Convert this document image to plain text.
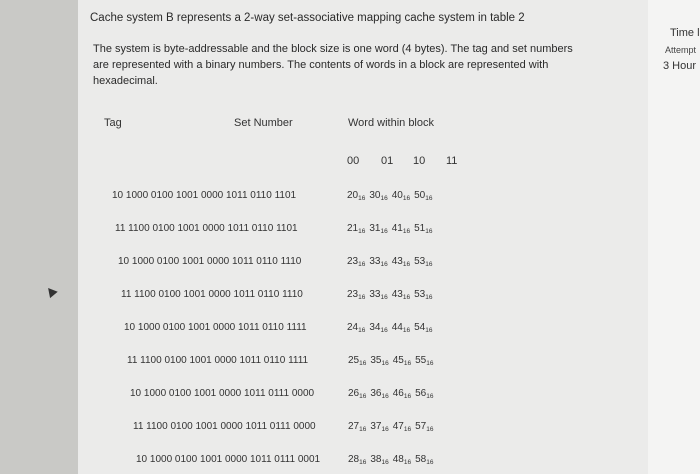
Time l
Attempt
3 Hour
Cache system B represents a 2-way set-associative mapping cache system in table 2
The system is byte-addressable and the block size is one word (4 bytes). The tag and set numbers
are represented with a binary numbers. The contents of words in a block are represented with
hexadecimal.
Tag	Set Number	Word within block
00 01 10 11
10 1000 0100 1001 0000 1011 0110 1101	$20_{16}$ $30_{16}$ $40_{16}$ $50_{16}$
11 1100 0100 1001 0000 1011 0110 1101	$21_{16}$ $31_{16}$ $41_{16}$ $51_{16}$
10 1000 0100 1001 0000 1011 0110 1110	$23_{16}$ $33_{16}$ $43_{16}$ $53_{16}$
11 1100 0100 1001 0000 1011 0110 1110	$23_{16}$ $33_{16}$ $43_{16}$ $53_{16}$
10 1000 0100 1001 0000 1011 0110 1111	$24_{16}$ $34_{16}$ $44_{16}$ $54_{16}$
11 1100 0100 1001 0000 1011 0110 1111	$25_{16}$ $35_{16}$ $45_{16}$ $55_{16}$
10 1000 0100 1001 0000 1011 0111 0000	$26_{16}$ $36_{16}$ $46_{16}$ $56_{16}$
11 1100 0100 1001 0000 1011 0111 0000	$27_{16}$ $37_{16}$ $47_{16}$ $57_{16}$
10 1000 0100 1001 0000 1011 0111 0001	$28_{16}$ $38_{16}$ $48_{16}$ $58_{16}$
